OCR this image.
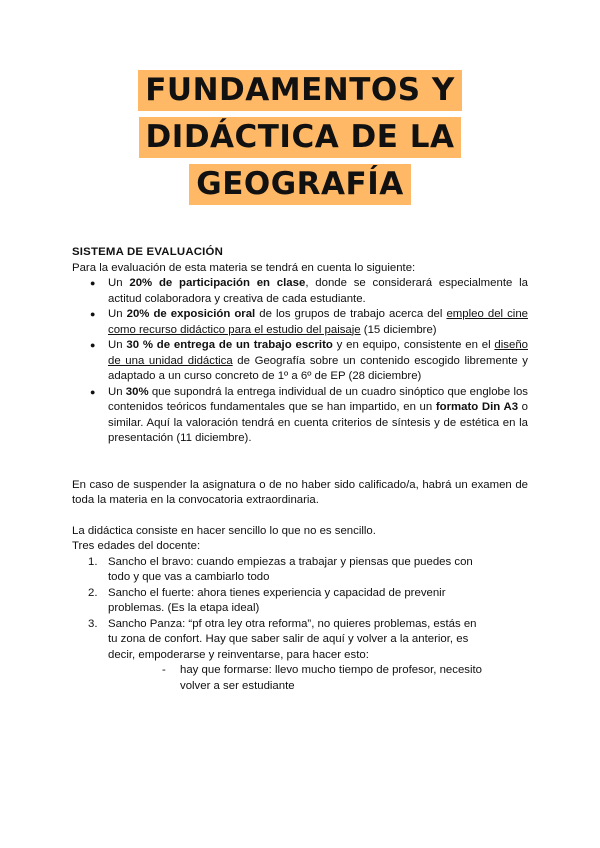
FUNDAMENTOS Y
DIDÁCTICA DE LA
GEOGRAFÍA
SISTEMA DE EVALUACIÓN

Para la evaluación de esta materia se tendrá en cuenta lo siguiente:

● Un 20% de participación en clase, donde se considerará especialmente la actitud colaboradora y creativa de cada estudiante.
● Un 20% de exposición oral de los grupos de trabajo acerca del empleo del cine como recurso didáctico para el estudio del paisaje (15 diciembre)
● Un 30 % de entrega de un trabajo escrito y en equipo, consistente en el diseño de una unidad didáctica de Geografía sobre un contenido escogido libremente y adaptado a un curso concreto de 1º a 6º de EP (28 diciembre)
● Un 30% que supondrá la entrega individual de un cuadro sinóptico que englobe los contenidos teóricos fundamentales que se han impartido, en un formato Din A3 o similar. Aquí la valoración tendrá en cuenta criterios de síntesis y de estética en la presentación (11 diciembre).

En caso de suspender la asignatura o de no haber sido calificado/a, habrá un examen de toda la materia en la convocatoria extraordinaria.

La didáctica consiste en hacer sencillo lo que no es sencillo.

Tres edades del docente:

1. Sancho el bravo: cuando empiezas a trabajar y piensas que puedes con todo y que vas a cambiarlo todo
2. Sancho el fuerte: ahora tienes experiencia y capacidad de prevenir problemas. (Es la etapa ideal)
3. Sancho Panza: “pf otra ley otra reforma”, no quieres problemas, estás en tu zona de confort. Hay que saber salir de aquí y volver a la anterior, es decir, empoderarse y reinventarse, para hacer esto:
- hay que formarse: llevo mucho tiempo de profesor, necesito volver a ser estudiante
